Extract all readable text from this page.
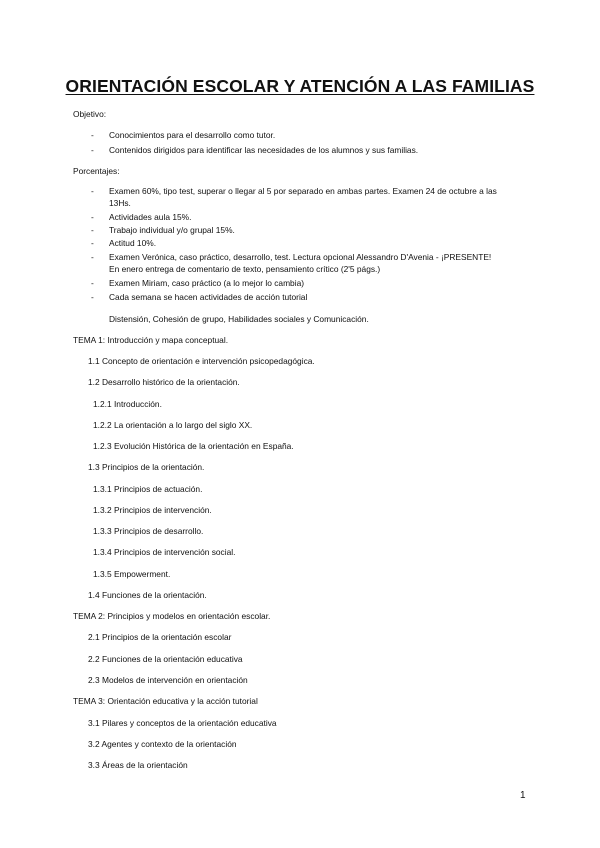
ORIENTACIÓN ESCOLAR Y ATENCIÓN A LAS FAMILIAS
Objetivo:
- Conocimientos para el desarrollo como tutor.
- Contenidos dirigidos para identificar las necesidades de los alumnos y sus familias.
Porcentajes:
- Examen 60%, tipo test, superar o llegar al 5 por separado en ambas partes. Examen 24 de octubre a las
13Hs.
- Actividades aula 15%.
- Trabajo individual y/o grupal 15%.
- Actitud 10%.
- Examen Verónica, caso práctico, desarrollo, test. Lectura opcional Alessandro D'Avenia - ¡PRESENTE!
En enero entrega de comentario de texto, pensamiento crítico (2'5 págs.)
- Examen Miriam, caso práctico (a lo mejor lo cambia)
- Cada semana se hacen actividades de acción tutorial
Distensión, Cohesión de grupo, Habilidades sociales y Comunicación.
TEMA 1: Introducción y mapa conceptual.
1.1 Concepto de orientación e intervención psicopedagógica.
1.2 Desarrollo histórico de la orientación.
1.2.1 Introducción.
1.2.2 La orientación a lo largo del siglo XX.
1.2.3 Evolución Histórica de la orientación en España.
1.3 Principios de la orientación.
1.3.1 Principios de actuación.
1.3.2 Principios de intervención.
1.3.3 Principios de desarrollo.
1.3.4 Principios de intervención social.
1.3.5 Empowerment.
1.4 Funciones de la orientación.
TEMA 2: Principios y modelos en orientación escolar.
2.1 Principios de la orientación escolar
2.2 Funciones de la orientación educativa
2.3 Modelos de intervención en orientación
TEMA 3: Orientación educativa y la acción tutorial
3.1 Pilares y conceptos de la orientación educativa
3.2 Agentes y contexto de la orientación
3.3 Áreas de la orientación
1
